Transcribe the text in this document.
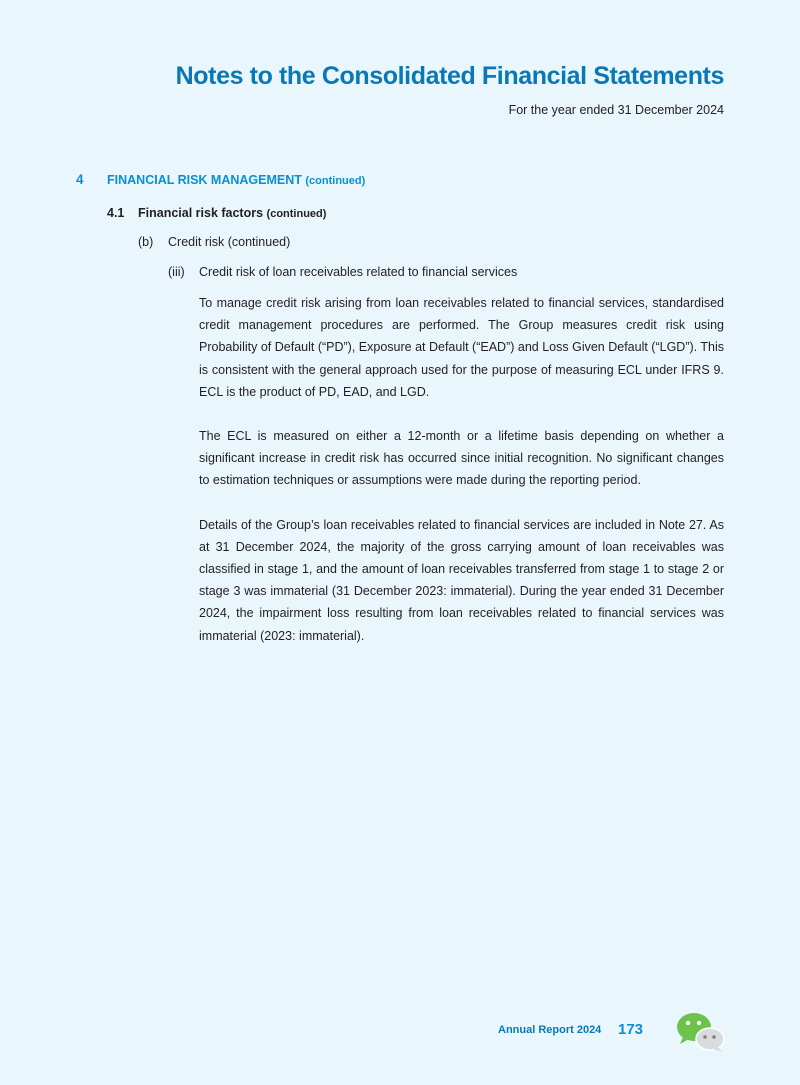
Notes to the Consolidated Financial Statements
For the year ended 31 December 2024
4 FINANCIAL RISK MANAGEMENT (continued)
4.1 Financial risk factors (continued)
(b) Credit risk (continued)
(iii) Credit risk of loan receivables related to financial services

To manage credit risk arising from loan receivables related to financial services, standardised credit management procedures are performed. The Group measures credit risk using Probability of Default (“PD”), Exposure at Default (“EAD”) and Loss Given Default (“LGD”). This is consistent with the general approach used for the purpose of measuring ECL under IFRS 9. ECL is the product of PD, EAD, and LGD.

The ECL is measured on either a 12-month or a lifetime basis depending on whether a significant increase in credit risk has occurred since initial recognition. No significant changes to estimation techniques or assumptions were made during the reporting period.

Details of the Group’s loan receivables related to financial services are included in Note 27. As at 31 December 2024, the majority of the gross carrying amount of loan receivables was classified in stage 1, and the amount of loan receivables transferred from stage 1 to stage 2 or stage 3 was immaterial (31 December 2023: immaterial). During the year ended 31 December 2024, the impairment loss resulting from loan receivables related to financial services was immaterial (2023: immaterial).

Annual Report 2024 173
